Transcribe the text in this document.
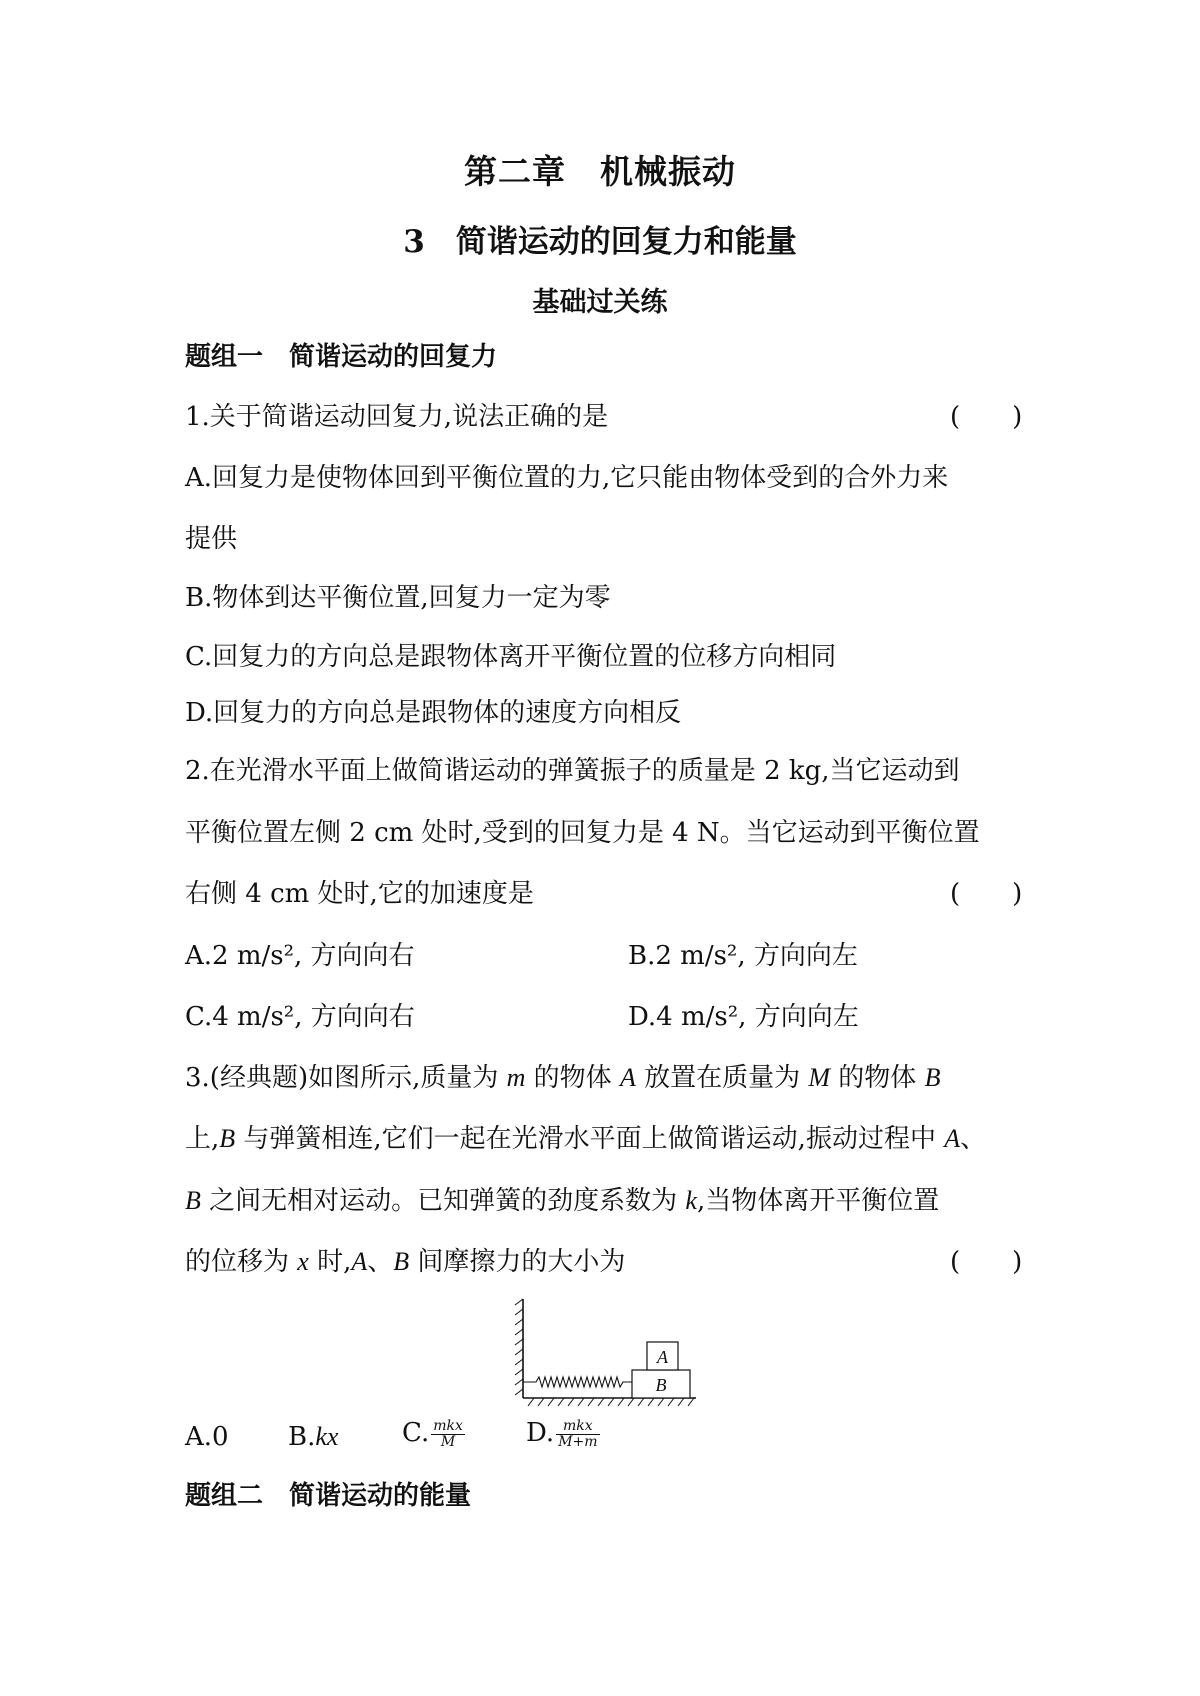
第二章　机械振动
3　简谐运动的回复力和能量
基础过关练
题组一　简谐运动的回复力
1.关于简谐运动回复力,说法正确的是	(　　)
A.回复力是使物体回到平衡位置的力,它只能由物体受到的合外力来
提供
B.物体到达平衡位置,回复力一定为零
C.回复力的方向总是跟物体离开平衡位置的位移方向相同
D.回复力的方向总是跟物体的速度方向相反
2.在光滑水平面上做简谐运动的弹簧振子的质量是 2 kg,当它运动到
平衡位置左侧 2 cm 处时,受到的回复力是 4 N。当它运动到平衡位置
右侧 4 cm 处时,它的加速度是	(　　)
A.2 m/s², 方向向右	B.2 m/s², 方向向左
C.4 m/s², 方向向右	D.4 m/s², 方向向左
3.(经典题)如图所示,质量为 m 的物体 A 放置在质量为 M 的物体 B
上,B 与弹簧相连,它们一起在光滑水平面上做简谐运动,振动过程中 A、
B 之间无相对运动。已知弹簧的劲度系数为 k,当物体离开平衡位置
的位移为 x 时,A、B 间摩擦力的大小为	(　　)
A
B
A.0 B.kx C. $\frac{\text{mkx}}{M} D$. $\frac{\text{mkx}}{M+m}$
题组二　简谐运动的能量
